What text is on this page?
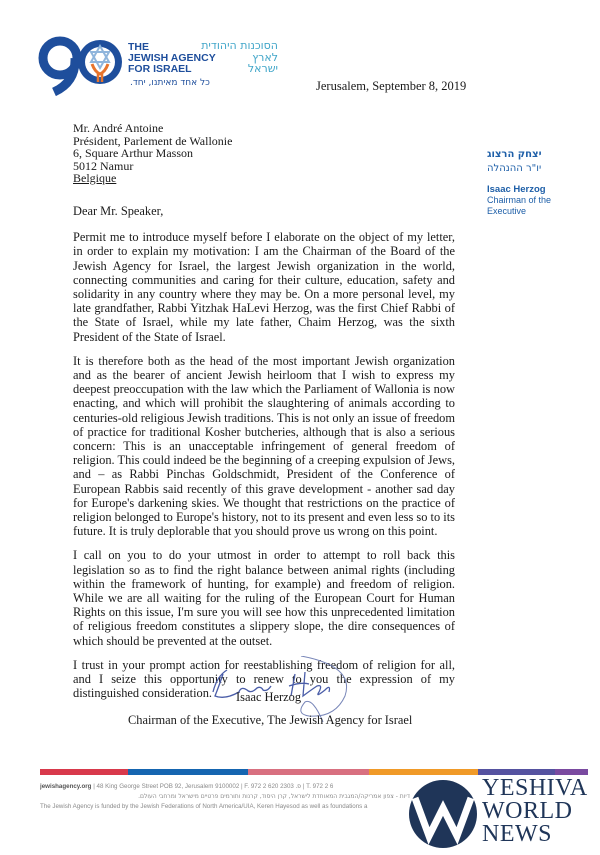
THE
JEWISH AGENCY
FOR ISRAEL
הסוכנות היהודית
לארץ
ישראל
כל אחד מאיתנו, יחד.	Jerusalem, September 8, 2019
Mr. André Antoine
Président, Parlement de Wallonie
6, Square Arthur Masson
5012 Namur
Belgique
יצחק הרצוג
יו"ר ההנהלה
Isaac Herzog
Chairman of the Executive

Dear Mr. Speaker,

Permit me to introduce myself before I elaborate on the object of my letter, in order to explain my motivation: I am the Chairman of the Board of the Jewish Agency for Israel, the largest Jewish organization in the world, connecting communities and caring for their culture, education, safety and solidarity in any country where they may be. On a more personal level, my late grandfather, Rabbi Yitzhak HaLevi Herzog, was the first Chief Rabbi of the State of Israel, while my late father, Chaim Herzog, was the sixth President of the State of Israel.

It is therefore both as the head of the most important Jewish organization and as the bearer of ancient Jewish heirloom that I wish to express my deepest preoccupation with the law which the Parliament of Wallonia is now enacting, and which will prohibit the slaughtering of animals according to centuries-old religious Jewish traditions. This is not only an issue of freedom of practice for traditional Kosher butcheries, although that is also a serious concern: This is an unacceptable infringement of general freedom of religion. This could indeed be the beginning of a creeping expulsion of Jews, and – as Rabbi Pinchas Goldschmidt, President of the Conference of European Rabbis said recently of this grave development - another sad day for Europe's darkening skies. We thought that restrictions on the practice of religion belonged to Europe's history, not to its present and even less so to its future. It is truly deplorable that you should prove us wrong on this point.

I call on you to do your utmost in order to attempt to roll back this legislation so as to find the right balance between animal rights (including within the framework of hunting, for example) and freedom of religion. While we are all waiting for the ruling of the European Court for Human Rights on this issue, I'm sure you will see how this unprecedented limitation of religious freedom constitutes a slippery slope, the dire consequences of which should be prevented at the outset.

I trust in your prompt action for reestablishing freedom of religion for all, and I seize this opportunity to renew to you the expression of my distinguished consideration.	Isaac Herzog
Chairman of the Executive, The Jewish Agency for Israel
jewishagency.org | 48 King George Street POB 92, Jerusalem 9100002 | F. 972 2 620 2303 .פ | T. 972 2 6
דיות - צפון אמריקה/המגבית המאוחדת לישראל, קרן היסוד, קרנות ותורמים פרטיים מישראל ומרחבי העולם.
The Jewish Agency is funded by the Jewish Federations of North America/UIA, Keren Hayesod as well as foundations a
YESHIVA
WORLD
NEWS
